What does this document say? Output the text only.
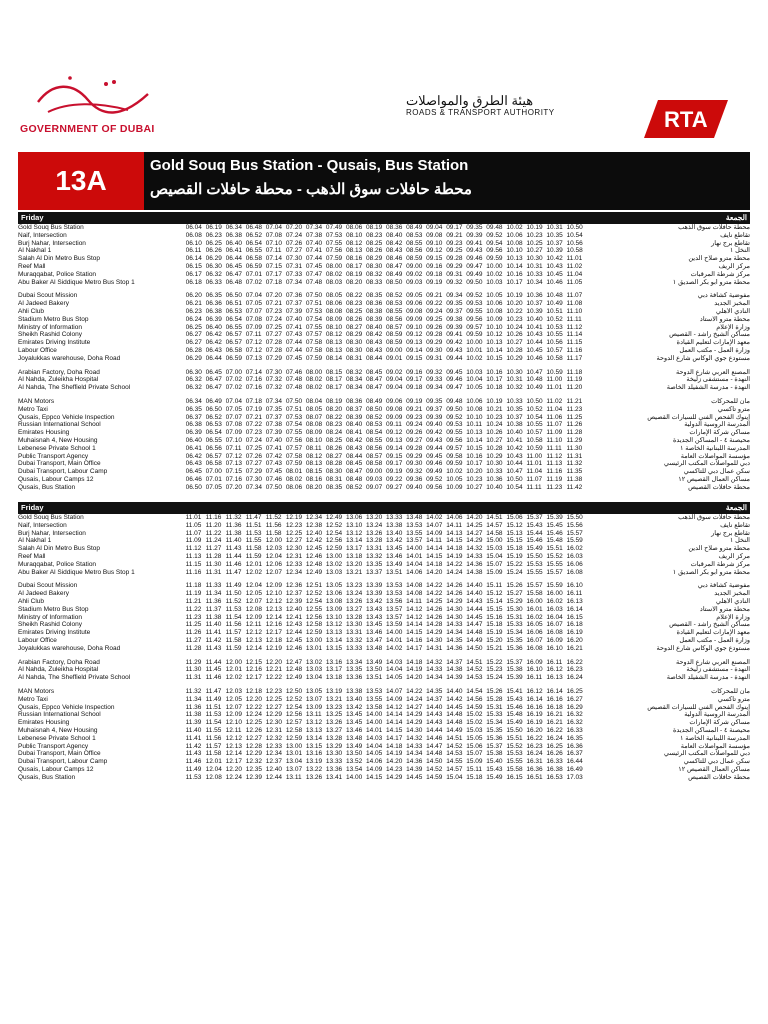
GOVERNMENT OF DUBAI
هيئة الطرق والمواصلات
ROADS & TRANSPORT AUTHORITY	RTA
13A	Gold Souq Bus Station - Qusais, Bus Station
محطة حافلات سوق الذهب - محطة حافلات القصيص
Friday	الجمعة
Gold Souq Bus Station	06.04	06.19	06.34	06.48	07.04	07.20	07.34	07.49	08.06	08.19	08.36	08.49	09.04	09.17	09.35	09.48	10.02	10.19	10.31	10.50	محطة حافلات سوق الذهب

Naif, Intersection	06.08	06.23	06.38	06.52	07.08	07.24	07.38	07.53	08.10	08.23	08.40	08.53	09.08	09.21	09.39	09.52	10.06	10.23	10.35	10.54	تقاطع نايف

Burj Nahar, Intersection	06.10	06.25	06.40	06.54	07.10	07.26	07.40	07.55	08.12	08.25	08.42	08.55	09.10	09.23	09.41	09.54	10.08	10.25	10.37	10.56	تقاطع برج نهار

Al Nakhal 1	06.11	06.26	06.41	06.55	07.11	07.27	07.41	07.56	08.13	08.26	08.43	08.56	09.12	09.25	09.43	09.56	10.10	10.27	10.39	10.58	النخل ١

Salah Al Din Metro Bus Stop	06.14	06.29	06.44	06.58	07.14	07.30	07.44	07.59	08.16	08.29	08.46	08.59	09.15	09.28	09.46	09.59	10.13	10.30	10.42	11.01	محطة مترو صلاح الدين

Reef Mall	06.15	06.30	06.45	06.59	07.15	07.31	07.45	08.00	08.17	08.30	08.47	09.00	09.16	09.29	09.47	10.00	10.14	10.31	10.43	11.02	مركز الريف

Muraqqabat, Police Station	06.17	06.32	06.47	07.01	07.17	07.33	07.47	08.02	08.19	08.32	08.49	09.02	09.18	09.31	09.49	10.02	10.16	10.33	10.45	11.04	مركز شرطة المرقبات

Abu Baker Al Siddique Metro Bus Stop 1	06.18	06.33	06.48	07.02	07.18	07.34	07.48	08.03	08.20	08.33	08.50	09.03	09.19	09.32	09.50	10.03	10.17	10.34	10.46	11.05	محطة مترو أبو بكر الصديق ١

Dubai Scout Mission	06.20	06.35	06.50	07.04	07.20	07.36	07.50	08.05	08.22	08.35	08.52	09.05	09.21	09.34	09.52	10.05	10.19	10.36	10.48	11.07	مفوضية كشافة دبي

Al Jadeed Bakery	06.21	06.36	06.51	07.05	07.21	07.37	07.51	08.06	08.23	08.36	08.53	09.06	09.22	09.35	09.53	10.06	10.20	10.37	10.49	11.08	المخبز الجديد

Ahli Club	06.23	06.38	06.53	07.07	07.23	07.39	07.53	08.08	08.25	08.38	08.55	09.08	09.24	09.37	09.55	10.08	10.22	10.39	10.51	11.10	النادي الأهلي

Stadium Metro Bus Stop	06.24	06.39	06.54	07.08	07.24	07.40	07.54	08.09	08.26	08.39	08.56	09.09	09.25	09.38	09.56	10.09	10.23	10.40	10.52	11.11	محطة مترو الاستاد

Ministry of Information	06.25	06.40	06.55	07.09	07.25	07.41	07.55	08.10	08.27	08.40	08.57	09.10	09.26	09.39	09.57	10.10	10.24	10.41	10.53	11.12	وزارة الإعلام

Sheikh Rashid Colony	06.27	06.42	06.57	07.11	07.27	07.43	07.57	08.12	08.29	08.42	08.59	09.12	09.28	09.41	09.59	10.12	10.26	10.43	10.55	11.14	مساكن الشيخ راشد - القصيص

Emirates Driving Institute	06.27	06.42	06.57	07.12	07.28	07.44	07.58	08.13	08.30	08.43	08.59	09.13	09.29	09.42	10.00	10.13	10.27	10.44	10.56	11.15	معهد الإمارات لتعليم القيادة

Labour Office	06.28	06.43	06.58	07.12	07.28	07.44	07.58	08.13	08.30	08.43	09.00	09.14	09.30	09.43	10.01	10.14	10.28	10.45	10.57	11.16	وزارة العمل - مكتب العمل

Joyalukkas warehouse, Doha Road	06.29	06.44	06.59	07.13	07.29	07.45	07.59	08.14	08.31	08.44	09.01	09.15	09.31	09.44	10.02	10.15	10.29	10.46	10.58	11.17	مستودع جوي الوكاس شارع الدوحة

Arabian Factory, Doha Road	06.30	06.45	07.00	07.14	07.30	07.46	08.00	08.15	08.32	08.45	09.02	09.16	09.32	09.45	10.03	10.16	10.30	10.47	10.59	11.18	المصنع العربي شارع الدوحة

Al Nahda, Zuleikha Hospital	06.32	06.47	07.02	07.16	07.32	07.48	08.02	08.17	08.34	08.47	09.04	09.17	09.33	09.46	10.04	10.17	10.31	10.48	11.00	11.19	النهدة - مستشفى زليخة

Al Nahda, The Sheffield Private School	06.32	06.47	07.02	07.16	07.32	07.48	08.02	08.17	08.34	08.47	09.04	09.18	09.34	09.47	10.05	10.18	10.32	10.49	11.01	11.20	النهدة - مدرسة الشفيلد الخاصة

MAN Motors	06.34	06.49	07.04	07.18	07.34	07.50	08.04	08.19	08.36	08.49	09.06	09.19	09.35	09.48	10.06	10.19	10.33	10.50	11.02	11.21	مان للمحركات

Metro Taxi	06.35	06.50	07.05	07.19	07.35	07.51	08.05	08.20	08.37	08.50	09.08	09.21	09.37	09.50	10.08	10.21	10.35	10.52	11.04	11.23	مترو تاكسي

Qusais, Eppco Vehicle Inspection	06.37	06.52	07.07	07.21	07.37	07.53	08.07	08.22	08.39	08.52	09.09	09.23	09.39	09.52	10.10	10.23	10.37	10.54	11.06	11.25	إينوك الفحص الفني للسيارات القصيص

Russian International School	06.38	06.53	07.08	07.22	07.38	07.54	08.08	08.23	08.40	08.53	09.11	09.24	09.40	09.53	10.11	10.24	10.38	10.55	11.07	11.26	المدرسة الروسية الدولية

Emirates Housing	06.39	06.54	07.09	07.23	07.39	07.55	08.09	08.24	08.41	08.54	09.12	09.26	09.42	09.55	10.13	10.26	10.40	10.57	11.09	11.28	مساكن شركة الإمارات

Muhaisnah 4, New Housing	06.40	06.55	07.10	07.24	07.40	07.56	08.10	08.25	08.42	08.55	09.13	09.27	09.43	09.56	10.14	10.27	10.41	10.58	11.10	11.29	محيصنة ٤ - المساكن الجديدة

Lebenese Private School 1	06.41	06.56	07.11	07.25	07.41	07.57	08.11	08.26	08.43	08.56	09.14	09.28	09.44	09.57	10.15	10.28	10.42	10.59	11.11	11.30	المدرسة اللبنانية الخاصة ١

Public Transport Agency	06.42	06.57	07.12	07.26	07.42	07.58	08.12	08.27	08.44	08.57	09.15	09.29	09.45	09.58	10.16	10.29	10.43	11.00	11.12	11.31	مؤسسة المواصلات العامة

Dubai Transport, Main Office	06.43	06.58	07.13	07.27	07.43	07.59	08.13	08.28	08.45	08.58	09.17	09.30	09.46	09.59	10.17	10.30	10.44	11.01	11.13	11.32	دبي للمواصلات المكتب الرئيسي

Dubai Transport, Labour Camp	06.45	07.00	07.15	07.29	07.45	08.01	08.15	08.30	08.47	09.00	09.19	09.32	09.49	10.02	10.20	10.33	10.47	11.04	11.16	11.35	سكن عمال دبي للتاكسي

Qusais, Labour Camps 12	06.46	07.01	07.16	07.30	07.46	08.02	08.16	08.31	08.48	09.03	09.22	09.36	09.52	10.05	10.23	10.36	10.50	11.07	11.19	11.38	مساكن العمال القصيص ١٢

Qusais, Bus Station	06.50	07.05	07.20	07.34	07.50	08.06	08.20	08.35	08.52	09.07	09.27	09.40	09.56	10.09	10.27	10.40	10.54	11.11	11.23	11.42	محطة حافلات القصيص
Friday	الجمعة
Gold Souq Bus Station	11.01	11.16	11.32	11.47	11.52	12.19	12.34	12.49	13.06	13.20	13.33	13.48	14.02	14.06	14.20	14.51	15.06	15.37	15.39	15.50	محطة حافلات سوق الذهب

Naif, Intersection	11.05	11.20	11.36	11.51	11.56	12.23	12.38	12.52	13.10	13.24	13.38	13.53	14.07	14.11	14.25	14.57	15.12	15.43	15.45	15.56	تقاطع نايف

Burj Nahar, Intersection	11.07	11.22	11.38	11.53	11.58	12.25	12.40	12.54	13.12	13.26	13.40	13.55	14.09	14.13	14.27	14.58	15.13	15.44	15.46	15.57	تقاطع برج نهار

Al Nakhal 1	11.09	11.24	11.40	11.55	12.00	12.27	12.42	12.56	13.14	13.28	13.42	13.57	14.11	14.15	14.29	15.00	15.15	15.46	15.48	15.59	النخل ١

Salah Al Din Metro Bus Stop	11.12	11.27	11.43	11.58	12.03	12.30	12.45	12.59	13.17	13.31	13.45	14.00	14.14	14.18	14.32	15.03	15.18	15.49	15.51	16.02	محطة مترو صلاح الدين

Reef Mall	11.13	11.28	11.44	11.59	12.04	12.31	12.46	13.00	13.18	13.32	13.46	14.01	14.15	14.19	14.33	15.04	15.19	15.50	15.52	16.03	مركز الريف

Muraqqabat, Police Station	11.15	11.30	11.46	12.01	12.06	12.33	12.48	13.02	13.20	13.35	13.49	14.04	14.18	14.22	14.36	15.07	15.22	15.53	15.55	16.06	مركز شرطة المرقبات

Abu Baker Al Siddique Metro Bus Stop 1	11.16	11.31	11.47	12.02	12.07	12.34	12.49	13.03	13.21	13.37	13.51	14.06	14.20	14.24	14.38	15.09	15.24	15.55	15.57	16.08	محطة مترو أبو بكر الصديق ١

Dubai Scout Mission	11.18	11.33	11.49	12.04	12.09	12.36	12.51	13.05	13.23	13.39	13.53	14.08	14.22	14.26	14.40	15.11	15.26	15.57	15.59	16.10	مفوضية كشافة دبي

Al Jadeed Bakery	11.19	11.34	11.50	12.05	12.10	12.37	12.52	13.06	13.24	13.39	13.53	14.08	14.22	14.26	14.40	15.12	15.27	15.58	16.00	16.11	المخبز الجديد

Ahli Club	11.21	11.36	11.52	12.07	12.12	12.39	12.54	13.08	13.26	13.42	13.56	14.11	14.25	14.29	14.43	15.14	15.29	16.00	16.02	16.13	النادي الأهلي

Stadium Metro Bus Stop	11.22	11.37	11.53	12.08	12.13	12.40	12.55	13.09	13.27	13.43	13.57	14.12	14.26	14.30	14.44	15.15	15.30	16.01	16.03	16.14	محطة مترو الاستاد

Ministry of Information	11.23	11.38	11.54	12.09	12.14	12.41	12.56	13.10	13.28	13.43	13.57	14.12	14.26	14.30	14.45	15.16	15.31	16.02	16.04	16.15	وزارة الإعلام

Sheikh Rashid Colony	11.25	11.40	11.56	12.11	12.16	12.43	12.58	13.12	13.30	13.45	13.59	14.14	14.28	14.33	14.47	15.18	15.33	16.05	16.07	16.18	مساكن الشيخ راشد - القصيص

Emirates Driving Institute	11.26	11.41	11.57	12.12	12.17	12.44	12.59	13.13	13.31	13.46	14.00	14.15	14.29	14.34	14.48	15.19	15.34	16.06	16.08	16.19	معهد الإمارات لتعليم القيادة

Labour Office	11.27	11.42	11.58	12.13	12.18	12.45	13.00	13.14	13.32	13.47	14.01	14.16	14.30	14.35	14.49	15.20	15.35	16.07	16.09	16.20	وزارة العمل - مكتب العمل

Joyalukkas warehouse, Doha Road	11.28	11.43	11.59	12.14	12.19	12.46	13.01	13.15	13.33	13.48	14.02	14.17	14.31	14.36	14.50	15.21	15.36	16.08	16.10	16.21	مستودع جوي الوكاس شارع الدوحة

Arabian Factory, Doha Road	11.29	11.44	12.00	12.15	12.20	12.47	13.02	13.16	13.34	13.49	14.03	14.18	14.32	14.37	14.51	15.22	15.37	16.09	16.11	16.22	المصنع العربي شارع الدوحة

Al Nahda, Zuleikha Hospital	11.30	11.45	12.01	12.16	12.21	12.48	13.03	13.17	13.35	13.50	14.04	14.19	14.33	14.38	14.52	15.23	15.38	16.10	16.12	16.23	النهدة - مستشفى زليخة

Al Nahda, The Sheffield Private School	11.31	11.46	12.02	12.17	12.22	12.49	13.04	13.18	13.36	13.51	14.05	14.20	14.34	14.39	14.53	15.24	15.39	16.11	16.13	16.24	النهدة - مدرسة الشفيلد الخاصة

MAN Motors	11.32	11.47	12.03	12.18	12.23	12.50	13.05	13.19	13.38	13.53	14.07	14.22	14.35	14.40	14.54	15.26	15.41	16.12	16.14	16.25	مان للمحركات

Metro Taxi	11.34	11.49	12.05	12.20	12.25	12.52	13.07	13.21	13.40	13.55	14.09	14.24	14.37	14.42	14.56	15.28	15.43	16.14	16.16	16.27	مترو تاكسي

Qusais, Eppco Vehicle Inspection	11.36	11.51	12.07	12.22	12.27	12.54	13.09	13.23	13.42	13.58	14.12	14.27	14.40	14.45	14.59	15.31	15.46	16.16	16.18	16.29	إينوك الفحص الفني للسيارات القصيص

Russian International School	11.38	11.53	12.09	12.24	12.29	12.56	13.11	13.25	13.45	14.00	14.14	14.29	14.43	14.48	15.02	15.33	15.48	16.19	16.21	16.32	المدرسة الروسية الدولية

Emirates Housing	11.39	11.54	12.10	12.25	12.30	12.57	13.12	13.26	13.45	14.00	14.14	14.29	14.43	14.48	15.02	15.34	15.49	16.19	16.21	16.32	مساكن شركة الإمارات

Muhaisnah 4, New Housing	11.40	11.55	12.11	12.26	12.31	12.58	13.13	13.27	13.46	14.01	14.15	14.30	14.44	14.49	15.03	15.35	15.50	16.20	16.22	16.33	محيصنة ٤ - المساكن الجديدة

Lebenese Private School 1	11.41	11.56	12.12	12.27	12.32	12.59	13.14	13.28	13.48	14.03	14.17	14.32	14.46	14.51	15.05	15.36	15.51	16.22	16.24	16.35	المدرسة اللبنانية الخاصة ١

Public Transport Agency	11.42	11.57	12.13	12.28	12.33	13.00	13.15	13.29	13.49	14.04	14.18	14.33	14.47	14.52	15.06	15.37	15.52	16.23	16.25	16.36	مؤسسة المواصلات العامة

Dubai Transport, Main Office	11.43	11.58	12.14	12.29	12.34	13.01	13.16	13.30	13.50	14.05	14.19	14.34	14.48	14.53	15.07	15.38	15.53	16.24	16.26	16.37	دبي للمواصلات المكتب الرئيسي

Dubai Transport, Labour Camp	11.46	12.01	12.17	12.32	12.37	13.04	13.19	13.33	13.52	14.06	14.20	14.36	14.50	14.55	15.09	15.40	15.55	16.31	16.33	16.44	سكن عمال دبي للتاكسي

Qusais, Labour Camps 12	11.49	12.04	12.20	12.35	12.40	13.07	13.22	13.36	13.54	14.09	14.23	14.39	14.52	14.57	15.11	15.43	15.58	16.36	16.38	16.49	مساكن العمال القصيص ١٢

Qusais, Bus Station	11.53	12.08	12.24	12.39	12.44	13.11	13.26	13.41	14.00	14.15	14.29	14.45	14.59	15.04	15.18	15.49	16.15	16.51	16.53	17.03	محطة حافلات القصيص
